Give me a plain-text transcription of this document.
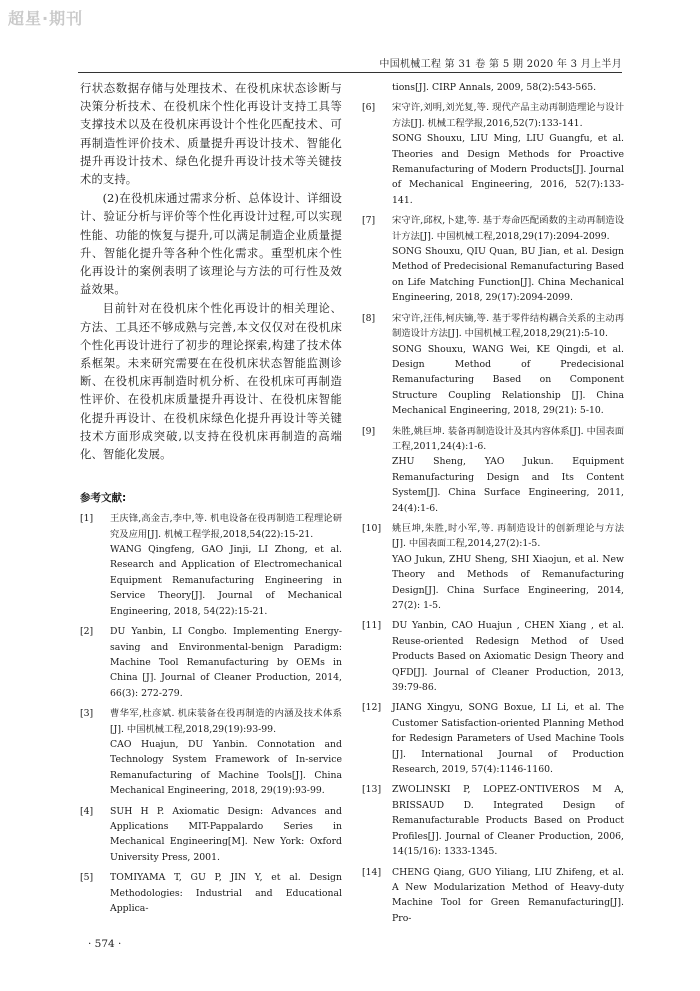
超星·期刊
中国机械工程 第 31 卷 第 5 期 2020 年 3 月上半月

行状态数据存储与处理技术、在役机床状态诊断与决策分析技术、在役机床个性化再设计支持工具等支撑技术以及在役机床再设计个性化匹配技术、可再制造性评价技术、质量提升再设计技术、智能化提升再设计技术、绿色化提升再设计技术等关键技术的支持。

(2)在役机床通过需求分析、总体设计、详细设计、验证分析与评价等个性化再设计过程,可以实现性能、功能的恢复与提升,可以满足制造企业质量提升、智能化提升等各种个性化需求。重型机床个性化再设计的案例表明了该理论与方法的可行性及效益效果。

目前针对在役机床个性化再设计的相关理论、方法、工具还不够成熟与完善,本文仅仅对在役机床个性化再设计进行了初步的理论探索,构建了技术体系框架。未来研究需要在在役机床状态智能监测诊断、在役机床再制造时机分析、在役机床可再制造性评价、在役机床质量提升再设计、在役机床智能化提升再设计、在役机床绿色化提升再设计等关键技术方面形成突破,以支持在役机床再制造的高端化、智能化发展。

参考文献:
[1]	王庆锋,高金吉,李中,等. 机电设备在役再制造工程理论研究及应用[J]. 机械工程学报,2018,54(22):15-21.
WANG Qingfeng, GAO Jinji, LI Zhong, et al. Research and Application of Electromechanical Equipment Remanufacturing Engineering in Service Theory[J]. Journal of Mechanical Engineering, 2018, 54(22):15-21.
[2]	DU Yanbin, LI Congbo. Implementing Energy-saving and Environmental-benign Paradigm: Machine Tool Remanufacturing by OEMs in China [J]. Journal of Cleaner Production, 2014, 66(3): 272-279.
[3]	曹华军,杜彦斌. 机床装备在役再制造的内涵及技术体系[J]. 中国机械工程,2018,29(19):93-99.
CAO Huajun, DU Yanbin. Connotation and Technology System Framework of In-service Remanufacturing of Machine Tools[J]. China Mechanical Engineering, 2018, 29(19):93-99.
[4]	SUH H P. Axiomatic Design: Advances and Applications MIT-Pappalardo Series in Mechanical Engineering[M]. New York: Oxford University Press, 2001.
[5]	TOMIYAMA T, GU P, JIN Y, et al. Design Methodologies: Industrial and Educational Applica-
tions[J]. CIRP Annals, 2009, 58(2):543-565.
[6]	宋守许,刘明,刘光复,等. 现代产品主动再制造理论与设计方法[J]. 机械工程学报,2016,52(7):133-141.
SONG Shouxu, LIU Ming, LIU Guangfu, et al. Theories and Design Methods for Proactive Remanufacturing of Modern Products[J]. Journal of Mechanical Engineering, 2016, 52(7):133-141.
[7]	宋守许,邱权,卜建,等. 基于寿命匹配函数的主动再制造设计方法[J]. 中国机械工程,2018,29(17):2094-2099.
SONG Shouxu, QIU Quan, BU Jian, et al. Design Method of Predecisional Remanufacturing Based on Life Matching Function[J]. China Mechanical Engineering, 2018, 29(17):2094-2099.
[8]	宋守许,汪伟,柯庆镝,等. 基于零件结构耦合关系的主动再制造设计方法[J]. 中国机械工程,2018,29(21):5-10.
SONG Shouxu, WANG Wei, KE Qingdi, et al. Design Method of Predecisional Remanufacturing Based on Component Structure Coupling Relationship [J]. China Mechanical Engineering, 2018, 29(21): 5-10.
[9]	朱胜,姚巨坤. 装备再制造设计及其内容体系[J]. 中国表面工程,2011,24(4):1-6.
ZHU Sheng, YAO Jukun. Equipment Remanufacturing Design and Its Content System[J]. China Surface Engineering, 2011, 24(4):1-6.
[10]	姚巨坤,朱胜,时小军,等. 再制造设计的创新理论与方法[J]. 中国表面工程,2014,27(2):1-5.
YAO Jukun, ZHU Sheng, SHI Xiaojun, et al. New Theory and Methods of Remanufacturing Design[J]. China Surface Engineering, 2014, 27(2): 1-5.
[11]	DU Yanbin, CAO Huajun , CHEN Xiang , et al. Reuse-oriented Redesign Method of Used Products Based on Axiomatic Design Theory and QFD[J]. Journal of Cleaner Production, 2013, 39:79-86.
[12]	JIANG Xingyu, SONG Boxue, LI Li, et al. The Customer Satisfaction-oriented Planning Method for Redesign Parameters of Used Machine Tools [J]. International Journal of Production Research, 2019, 57(4):1146-1160.
[13]	ZWOLINSKI P, LOPEZ-ONTIVEROS M A, BRISSAUD D. Integrated Design of Remanufacturable Products Based on Product Profiles[J]. Journal of Cleaner Production, 2006, 14(15/16): 1333-1345.
[14]	CHENG Qiang, GUO Yiliang, LIU Zhifeng, et al. A New Modularization Method of Heavy-duty Machine Tool for Green Remanufacturing[J]. Pro-
· 574 ·
